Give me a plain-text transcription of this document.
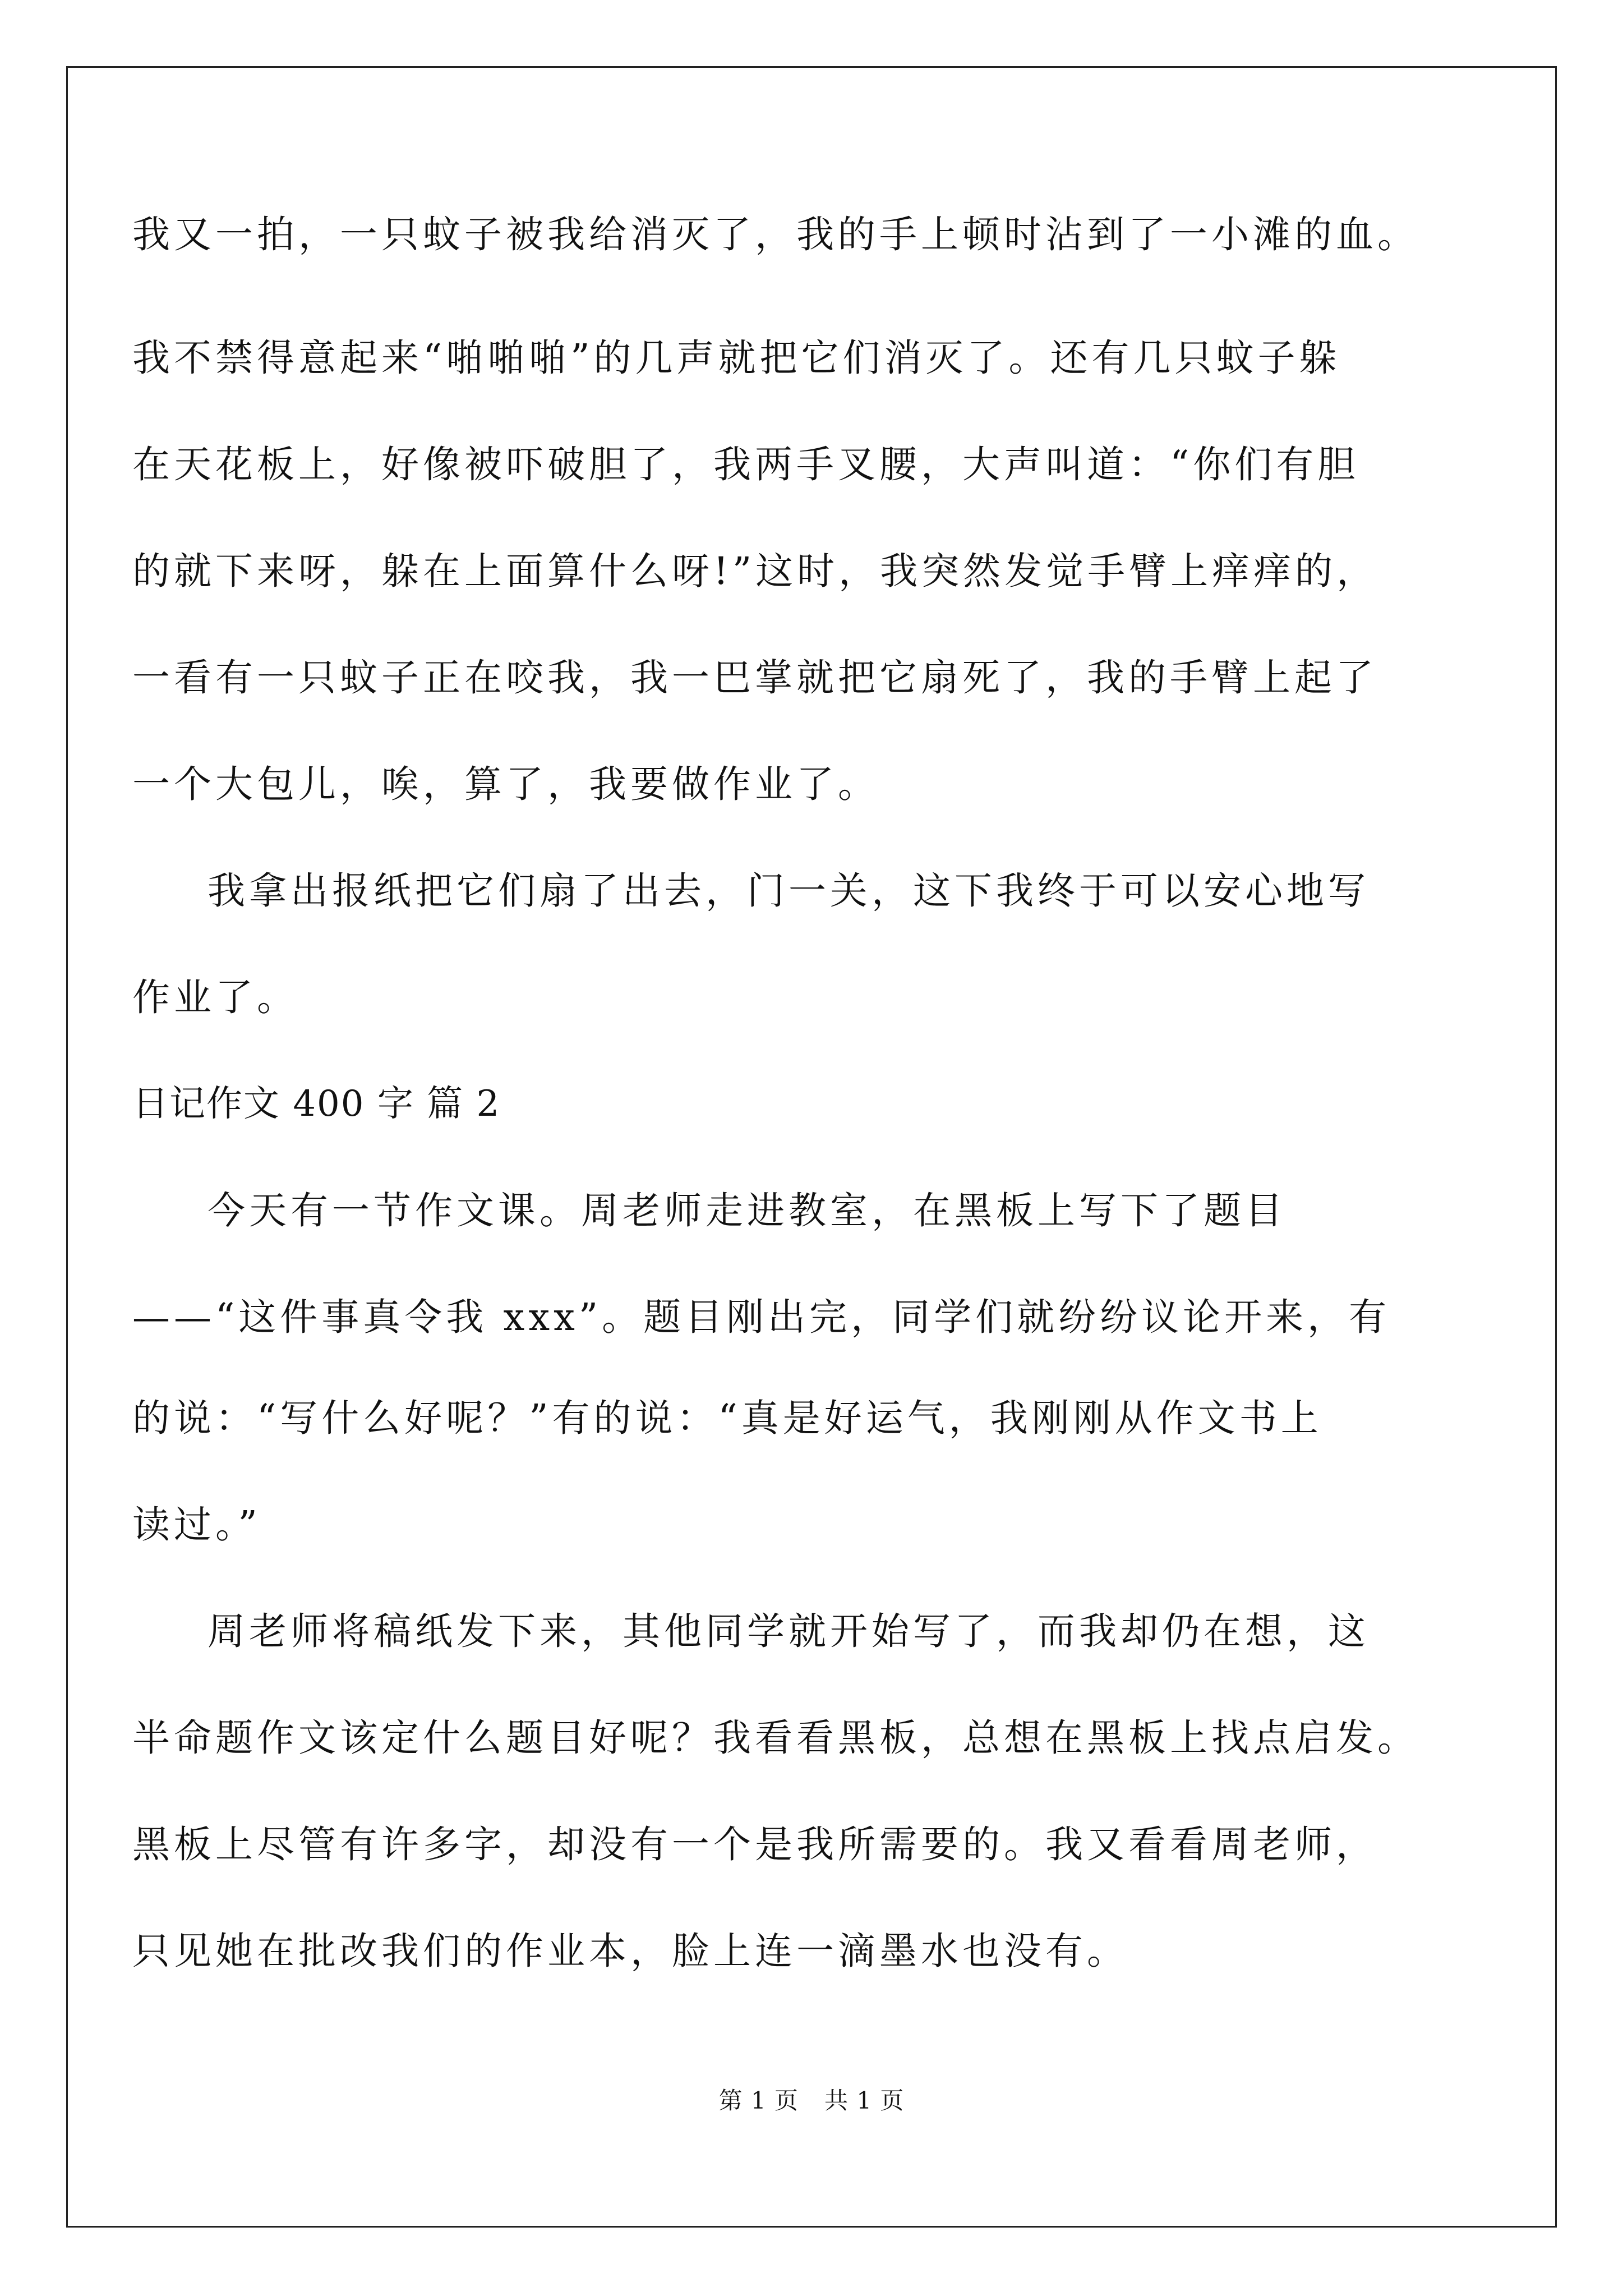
我又一拍，一只蚊子被我给消灭了，我的手上顿时沾到了一小滩的血。
我不禁得意起来“啪啪啪”的几声就把它们消灭了。还有几只蚊子躲
在天花板上，好像被吓破胆了，我两手叉腰，大声叫道：“你们有胆
的就下来呀，躲在上面算什么呀!”这时，我突然发觉手臂上痒痒的，
一看有一只蚊子正在咬我，我一巴掌就把它扇死了，我的手臂上起了
一个大包儿，唉，算了，我要做作业了。
我拿出报纸把它们扇了出去，门一关，这下我终于可以安心地写
作业了。
日记作文 400 字 篇 2
今天有一节作文课。周老师走进教室，在黑板上写下了题目
——“这件事真令我 xxx”。题目刚出完，同学们就纷纷议论开来，有
的说：“写什么好呢？”有的说：“真是好运气，我刚刚从作文书上
读过。”
周老师将稿纸发下来，其他同学就开始写了，而我却仍在想，这
半命题作文该定什么题目好呢？我看看黑板，总想在黑板上找点启发。
黑板上尽管有许多字，却没有一个是我所需要的。我又看看周老师，
只见她在批改我们的作业本，脸上连一滴墨水也没有。
第 1 页 共 1 页
